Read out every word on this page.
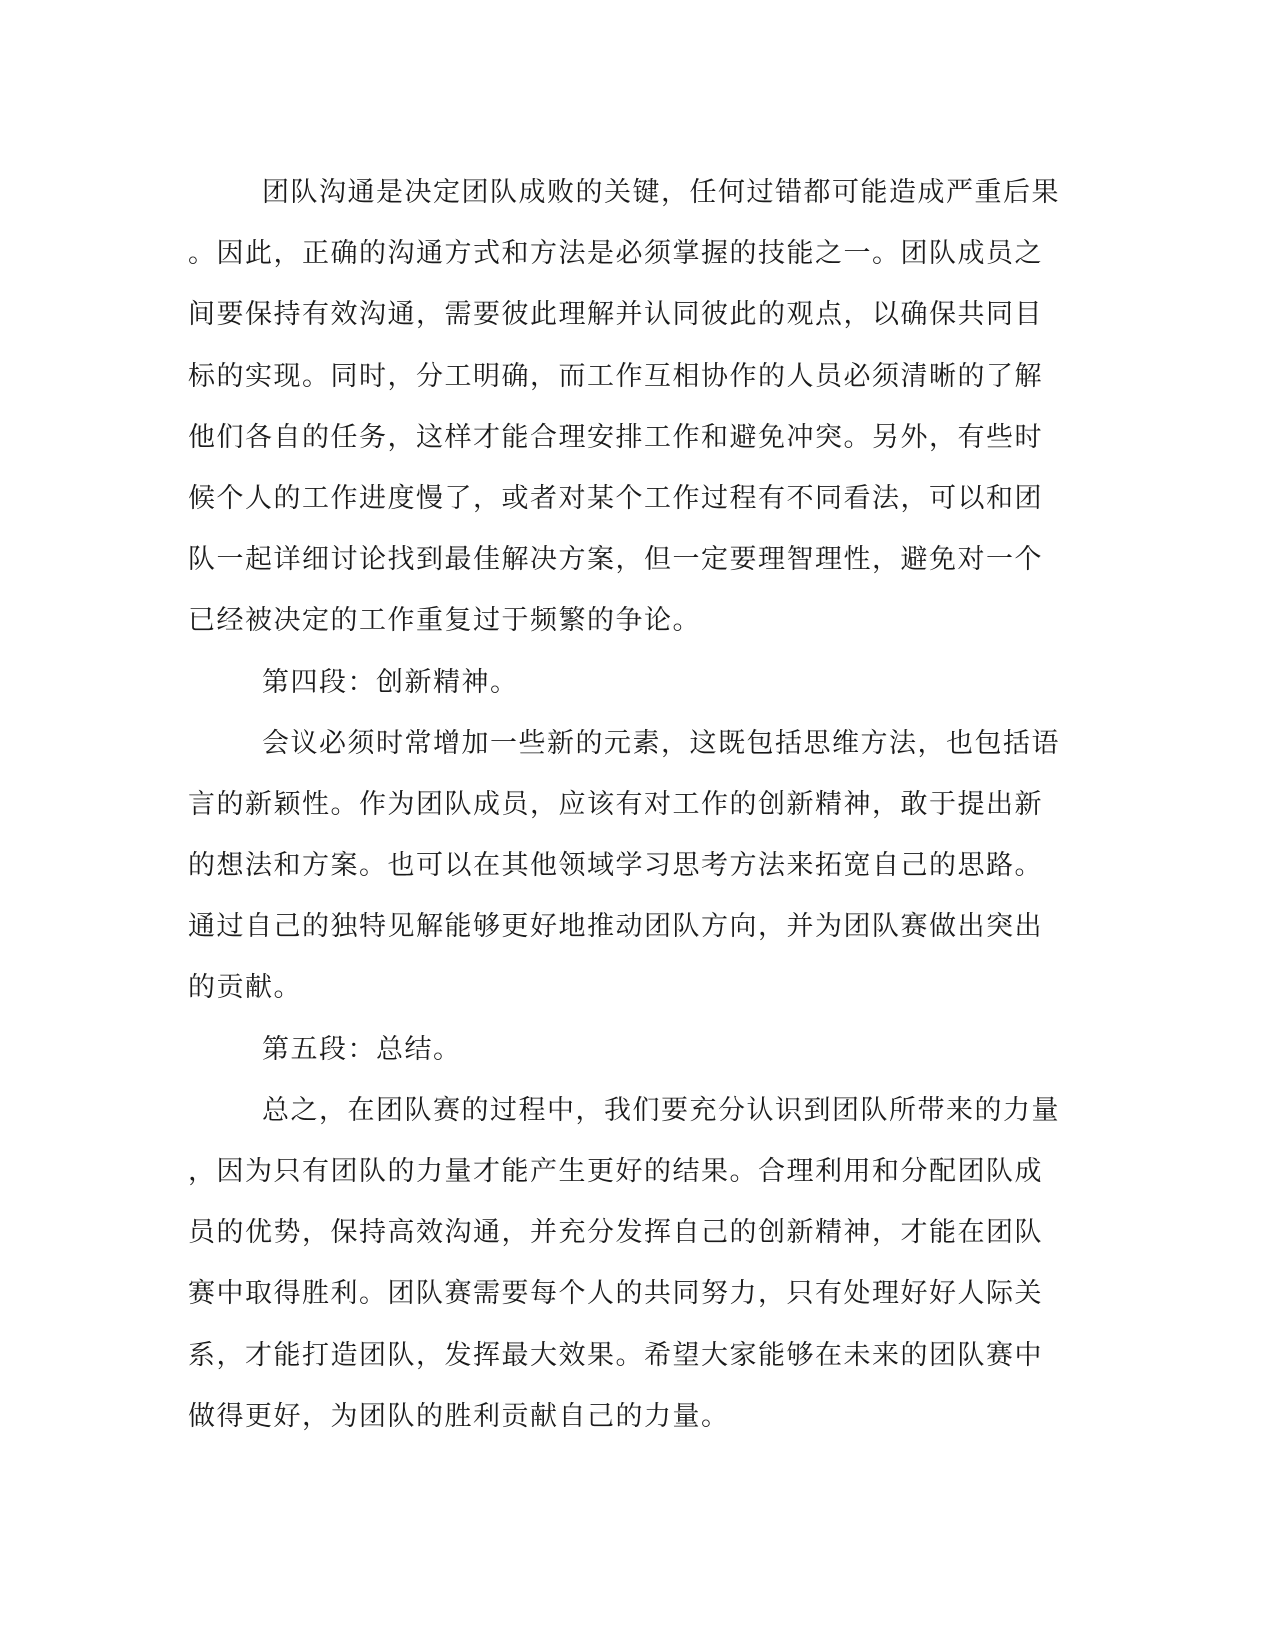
团队沟通是决定团队成败的关键，任何过错都可能造成严重后果
。因此，正确的沟通方式和方法是必须掌握的技能之一。团队成员之
间要保持有效沟通，需要彼此理解并认同彼此的观点，以确保共同目
标的实现。同时，分工明确，而工作互相协作的人员必须清晰的了解
他们各自的任务，这样才能合理安排工作和避免冲突。另外，有些时
候个人的工作进度慢了，或者对某个工作过程有不同看法，可以和团
队一起详细讨论找到最佳解决方案，但一定要理智理性，避免对一个
已经被决定的工作重复过于频繁的争论。
第四段：创新精神。
会议必须时常增加一些新的元素，这既包括思维方法，也包括语
言的新颖性。作为团队成员，应该有对工作的创新精神，敢于提出新
的想法和方案。也可以在其他领域学习思考方法来拓宽自己的思路。
通过自己的独特见解能够更好地推动团队方向，并为团队赛做出突出
的贡献。
第五段：总结。
总之，在团队赛的过程中，我们要充分认识到团队所带来的力量
，因为只有团队的力量才能产生更好的结果。合理利用和分配团队成
员的优势，保持高效沟通，并充分发挥自己的创新精神，才能在团队
赛中取得胜利。团队赛需要每个人的共同努力，只有处理好好人际关
系，才能打造团队，发挥最大效果。希望大家能够在未来的团队赛中
做得更好，为团队的胜利贡献自己的力量。
